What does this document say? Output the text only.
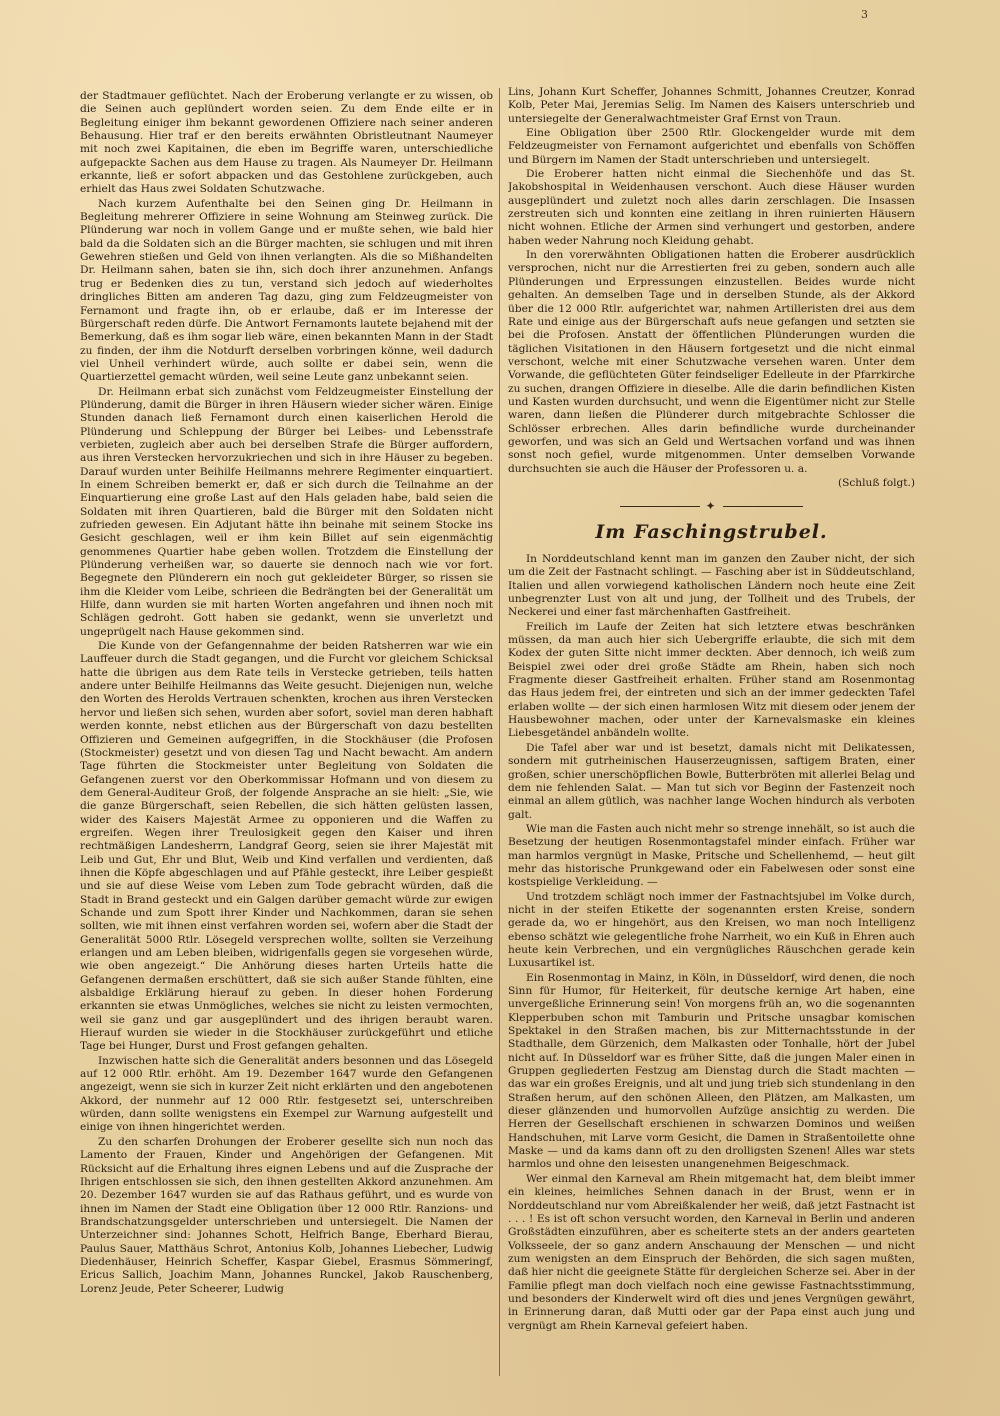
3

der Stadtmauer geflüchtet. Nach der Eroberung verlangte er zu wissen, ob die Seinen auch geplündert worden seien. Zu dem Ende eilte er in Begleitung einiger ihm bekannt gewordenen Offiziere nach seiner anderen Behausung. Hier traf er den bereits erwähnten Obristleutnant Naumeyer mit noch zwei Kapitainen, die eben im Begriffe waren, unterschiedliche aufgepackte Sachen aus dem Hause zu tragen. Als Naumeyer Dr. Heilmann erkannte, ließ er sofort abpacken und das Gestohlene zurückgeben, auch erhielt das Haus zwei Soldaten Schutzwache.

Nach kurzem Aufenthalte bei den Seinen ging Dr. Heilmann in Begleitung mehrerer Offiziere in seine Wohnung am Steinweg zurück. Die Plünderung war noch in vollem Gange und er mußte sehen, wie bald hier bald da die Soldaten sich an die Bürger machten, sie schlugen und mit ihren Gewehren stießen und Geld von ihnen verlangten. Als die so Mißhandelten Dr. Heilmann sahen, baten sie ihn, sich doch ihrer anzunehmen. Anfangs trug er Bedenken dies zu tun, verstand sich jedoch auf wiederholtes dringliches Bitten am anderen Tag dazu, ging zum Feldzeugmeister von Fernamont und fragte ihn, ob er erlaube, daß er im Interesse der Bürgerschaft reden dürfe. Die Antwort Fernamonts lautete bejahend mit der Bemerkung, daß es ihm sogar lieb wäre, einen bekannten Mann in der Stadt zu finden, der ihm die Notdurft derselben vorbringen könne, weil dadurch viel Unheil verhindert würde, auch sollte er dabei sein, wenn die Quartierzettel gemacht würden, weil seine Leute ganz unbekannt seien.

Dr. Heilmann erbat sich zunächst vom Feldzeugmeister Einstellung der Plünderung, damit die Bürger in ihren Häusern wieder sicher wären. Einige Stunden danach ließ Fernamont durch einen kaiserlichen Herold die Plünderung und Schleppung der Bürger bei Leibes- und Lebensstrafe verbieten, zugleich aber auch bei derselben Strafe die Bürger auffordern, aus ihren Verstecken hervorzukriechen und sich in ihre Häuser zu begeben. Darauf wurden unter Beihilfe Heilmanns mehrere Regimenter einquartiert. In einem Schreiben bemerkt er, daß er sich durch die Teilnahme an der Einquartierung eine große Last auf den Hals geladen habe, bald seien die Soldaten mit ihren Quartieren, bald die Bürger mit den Soldaten nicht zufrieden gewesen. Ein Adjutant hätte ihn beinahe mit seinem Stocke ins Gesicht geschlagen, weil er ihm kein Billet auf sein eigenmächtig genommenes Quartier habe geben wollen. Trotzdem die Einstellung der Plünderung verheißen war, so dauerte sie dennoch nach wie vor fort. Begegnete den Plünderern ein noch gut gekleideter Bürger, so rissen sie ihm die Kleider vom Leibe, schrieen die Bedrängten bei der Generalität um Hilfe, dann wurden sie mit harten Worten angefahren und ihnen noch mit Schlägen gedroht. Gott haben sie gedankt, wenn sie unverletzt und ungeprügelt nach Hause gekommen sind.

Die Kunde von der Gefangennahme der beiden Ratsherren war wie ein Lauffeuer durch die Stadt gegangen, und die Furcht vor gleichem Schicksal hatte die übrigen aus dem Rate teils in Verstecke getrieben, teils hatten andere unter Beihilfe Heilmanns das Weite gesucht. Diejenigen nun, welche den Worten des Herolds Vertrauen schenkten, krochen aus ihren Verstecken hervor und ließen sich sehen, wurden aber sofort, soviel man deren habhaft werden konnte, nebst etlichen aus der Bürgerschaft von dazu bestellten Offizieren und Gemeinen aufgegriffen, in die Stockhäuser (die Profosen (Stockmeister) gesetzt und von diesen Tag und Nacht bewacht. Am andern Tage führten die Stockmeister unter Begleitung von Soldaten die Gefangenen zuerst vor den Oberkommissar Hofmann und von diesem zu dem General-Auditeur Groß, der folgende Ansprache an sie hielt: „Sie, wie die ganze Bürgerschaft, seien Rebellen, die sich hätten gelüsten lassen, wider des Kaisers Majestät Armee zu opponieren und die Waffen zu ergreifen. Wegen ihrer Treulosigkeit gegen den Kaiser und ihren rechtmäßigen Landesherrn, Landgraf Georg, seien sie ihrer Majestät mit Leib und Gut, Ehr und Blut, Weib und Kind verfallen und verdienten, daß ihnen die Köpfe abgeschlagen und auf Pfähle gesteckt, ihre Leiber gespießt und sie auf diese Weise vom Leben zum Tode gebracht würden, daß die Stadt in Brand gesteckt und ein Galgen darüber gemacht würde zur ewigen Schande und zum Spott ihrer Kinder und Nachkommen, daran sie sehen sollten, wie mit ihnen einst verfahren worden sei, wofern aber die Stadt der Generalität 5000 Rtlr. Lösegeld versprechen wollte, sollten sie Verzeihung erlangen und am Leben bleiben, widrigenfalls gegen sie vorgesehen würde, wie oben angezeigt.“ Die Anhörung dieses harten Urteils hatte die Gefangenen dermaßen erschüttert, daß sie sich außer Stande fühlten, eine alsbaldige Erklärung hierauf zu geben. In dieser hohen Forderung erkannten sie etwas Unmögliches, welches sie nicht zu leisten vermochten, weil sie ganz und gar ausgeplündert und des ihrigen beraubt waren. Hierauf wurden sie wieder in die Stockhäuser zurückgeführt und etliche Tage bei Hunger, Durst und Frost gefangen gehalten.

Inzwischen hatte sich die Generalität anders besonnen und das Lösegeld auf 12 000 Rtlr. erhöht. Am 19. Dezember 1647 wurde den Gefangenen angezeigt, wenn sie sich in kurzer Zeit nicht erklärten und den angebotenen Akkord, der nunmehr auf 12 000 Rtlr. festgesetzt sei, unterschreiben würden, dann sollte wenigstens ein Exempel zur Warnung aufgestellt und einige von ihnen hingerichtet werden.

Zu den scharfen Drohungen der Eroberer gesellte sich nun noch das Lamento der Frauen, Kinder und Angehörigen der Gefangenen. Mit Rücksicht auf die Erhaltung ihres eignen Lebens und auf die Zusprache der Ihrigen entschlossen sie sich, den ihnen gestellten Akkord anzunehmen. Am 20. Dezember 1647 wurden sie auf das Rathaus geführt, und es wurde von ihnen im Namen der Stadt eine Obligation über 12 000 Rtlr. Ranzions- und Brandschatzungsgelder unterschrieben und untersiegelt. Die Namen der Unterzeichner sind: Johannes Schott, Helfrich Bange, Eberhard Bierau, Paulus Sauer, Matthäus Schrot, Antonius Kolb, Johannes Liebecher, Ludwig Diedenhäuser, Heinrich Scheffer, Kaspar Giebel, Erasmus Sömmeringf, Ericus Sallich, Joachim Mann, Johannes Runckel, Jakob Rauschenberg, Lorenz Jeude, Peter Scheerer, Ludwig

Lins, Johann Kurt Scheffer, Johannes Schmitt, Johannes Creutzer, Konrad Kolb, Peter Mai, Jeremias Selig. Im Namen des Kaisers unterschrieb und untersiegelte der Generalwachtmeister Graf Ernst von Traun.

Eine Obligation über 2500 Rtlr. Glockengelder wurde mit dem Feldzeugmeister von Fernamont aufgerichtet und ebenfalls von Schöffen und Bürgern im Namen der Stadt unterschrieben und untersiegelt.

Die Eroberer hatten nicht einmal die Siechenhöfe und das St. Jakobshospital in Weidenhausen verschont. Auch diese Häuser wurden ausgeplündert und zuletzt noch alles darin zerschlagen. Die Insassen zerstreuten sich und konnten eine zeitlang in ihren ruinierten Häusern nicht wohnen. Etliche der Armen sind verhungert und gestorben, andere haben weder Nahrung noch Kleidung gehabt.

In den vorerwähnten Obligationen hatten die Eroberer ausdrücklich versprochen, nicht nur die Arrestierten frei zu geben, sondern auch alle Plünderungen und Erpressungen einzustellen. Beides wurde nicht gehalten. An demselben Tage und in derselben Stunde, als der Akkord über die 12 000 Rtlr. aufgerichtet war, nahmen Artilleristen drei aus dem Rate und einige aus der Bürgerschaft aufs neue gefangen und setzten sie bei die Profosen. Anstatt der öffentlichen Plünderungen wurden die täglichen Visitationen in den Häusern fortgesetzt und die nicht einmal verschont, welche mit einer Schutzwache versehen waren. Unter dem Vorwande, die geflüchteten Güter feindseliger Edelleute in der Pfarrkirche zu suchen, drangen Offiziere in dieselbe. Alle die darin befindlichen Kisten und Kasten wurden durchsucht, und wenn die Eigentümer nicht zur Stelle waren, dann ließen die Plünderer durch mitgebrachte Schlosser die Schlösser erbrechen. Alles darin befindliche wurde durcheinander geworfen, und was sich an Geld und Wertsachen vorfand und was ihnen sonst noch gefiel, wurde mitgenommen. Unter demselben Vorwande durchsuchten sie auch die Häuser der Professoren u. a.

(Schluß folgt.)
✦
Im Faschingstrubel.

In Norddeutschland kennt man im ganzen den Zauber nicht, der sich um die Zeit der Fastnacht schlingt. — Fasching aber ist in Süddeutschland, Italien und allen vorwiegend katholischen Ländern noch heute eine Zeit unbegrenzter Lust von alt und jung, der Tollheit und des Trubels, der Neckerei und einer fast märchenhaften Gastfreiheit.

Freilich im Laufe der Zeiten hat sich letztere etwas beschränken müssen, da man auch hier sich Uebergriffe erlaubte, die sich mit dem Kodex der guten Sitte nicht immer deckten. Aber dennoch, ich weiß zum Beispiel zwei oder drei große Städte am Rhein, haben sich noch Fragmente dieser Gastfreiheit erhalten. Früher stand am Rosenmontag das Haus jedem frei, der eintreten und sich an der immer gedeckten Tafel erlaben wollte — der sich einen harmlosen Witz mit diesem oder jenem der Hausbewohner machen, oder unter der Karnevalsmaske ein kleines Liebesgetändel anbändeln wollte.

Die Tafel aber war und ist besetzt, damals nicht mit Delikatessen, sondern mit gutrheinischen Hauserzeugnissen, saftigem Braten, einer großen, schier unerschöpflichen Bowle, Butterbröten mit allerlei Belag und dem nie fehlenden Salat. — Man tut sich vor Beginn der Fastenzeit noch einmal an allem gütlich, was nachher lange Wochen hindurch als verboten galt.

Wie man die Fasten auch nicht mehr so strenge innehält, so ist auch die Besetzung der heutigen Rosenmontagstafel minder einfach. Früher war man harmlos vergnügt in Maske, Pritsche und Schellenhemd, — heut gilt mehr das historische Prunkgewand oder ein Fabelwesen oder sonst eine kostspielige Verkleidung. —

Und trotzdem schlägt noch immer der Fastnachtsjubel im Volke durch, nicht in der steifen Etikette der sogenannten ersten Kreise, sondern gerade da, wo er hingehört, aus den Kreisen, wo man noch Intelligenz ebenso schätzt wie gelegentliche frohe Narrheit, wo ein Kuß in Ehren auch heute kein Verbrechen, und ein vergnügliches Räuschchen gerade kein Luxusartikel ist.

Ein Rosenmontag in Mainz, in Köln, in Düsseldorf, wird denen, die noch Sinn für Humor, für Heiterkeit, für deutsche kernige Art haben, eine unvergeßliche Erinnerung sein! Von morgens früh an, wo die sogenannten Klepperbuben schon mit Tamburin und Pritsche unsagbar komischen Spektakel in den Straßen machen, bis zur Mitternachtsstunde in der Stadthalle, dem Gürzenich, dem Malkasten oder Tonhalle, hört der Jubel nicht auf. In Düsseldorf war es früher Sitte, daß die jungen Maler einen in Gruppen gegliederten Festzug am Dienstag durch die Stadt machten — das war ein großes Ereignis, und alt und jung trieb sich stundenlang in den Straßen herum, auf den schönen Alleen, den Plätzen, am Malkasten, um dieser glänzenden und humorvollen Aufzüge ansichtig zu werden. Die Herren der Gesellschaft erschienen in schwarzen Dominos und weißen Handschuhen, mit Larve vorm Gesicht, die Damen in Straßentoilette ohne Maske — und da kams dann oft zu den drolligsten Szenen! Alles war stets harmlos und ohne den leisesten unangenehmen Beigeschmack.

Wer einmal den Karneval am Rhein mitgemacht hat, dem bleibt immer ein kleines, heimliches Sehnen danach in der Brust, wenn er in Norddeutschland nur vom Abreißkalender her weiß, daß jetzt Fastnacht ist . . . ! Es ist oft schon versucht worden, den Karneval in Berlin und anderen Großstädten einzuführen, aber es scheiterte stets an der anders gearteten Volksseele, der so ganz andern Anschauung der Menschen — und nicht zum wenigsten an dem Einspruch der Behörden, die sich sagen mußten, daß hier nicht die geeignete Stätte für dergleichen Scherze sei. Aber in der Familie pflegt man doch vielfach noch eine gewisse Fastnachtsstimmung, und besonders der Kinderwelt wird oft dies und jenes Vergnügen gewährt, in Erinnerung daran, daß Mutti oder gar der Papa einst auch jung und vergnügt am Rhein Karneval gefeiert haben.
